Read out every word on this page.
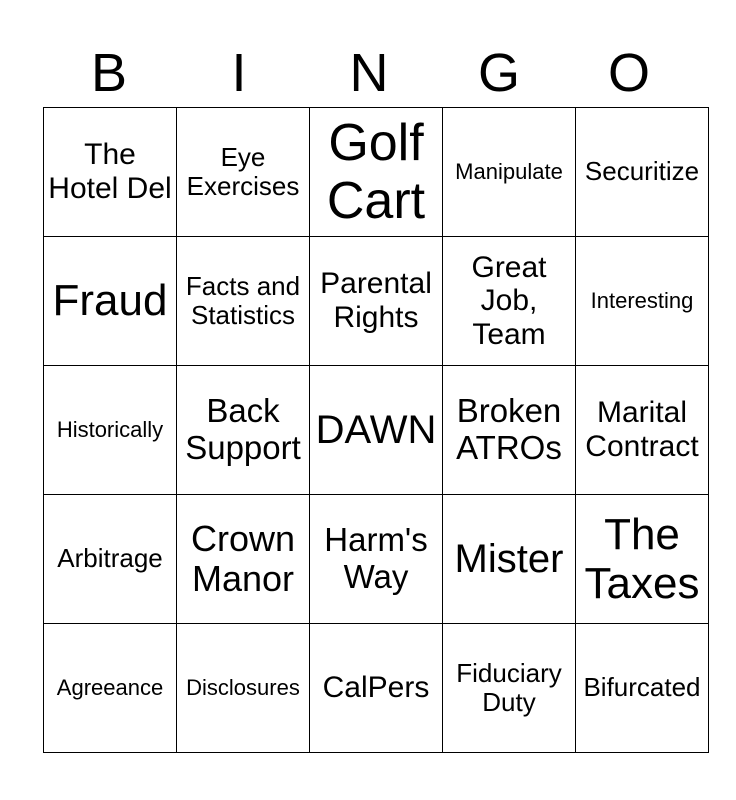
B	I	N	G	O
The Hotel Del	Eye Exercises	Golf Cart	Manipulate	Securitize
Fraud	Facts and Statistics	Parental Rights	Great Job, Team	Interesting
Historically	Back Support	DAWN	Broken ATROs	Marital Contract
Arbitrage	Crown Manor	Harm's Way	Mister	The Taxes
Agreeance	Disclosures	CalPers	Fiduciary Duty	Bifurcated
